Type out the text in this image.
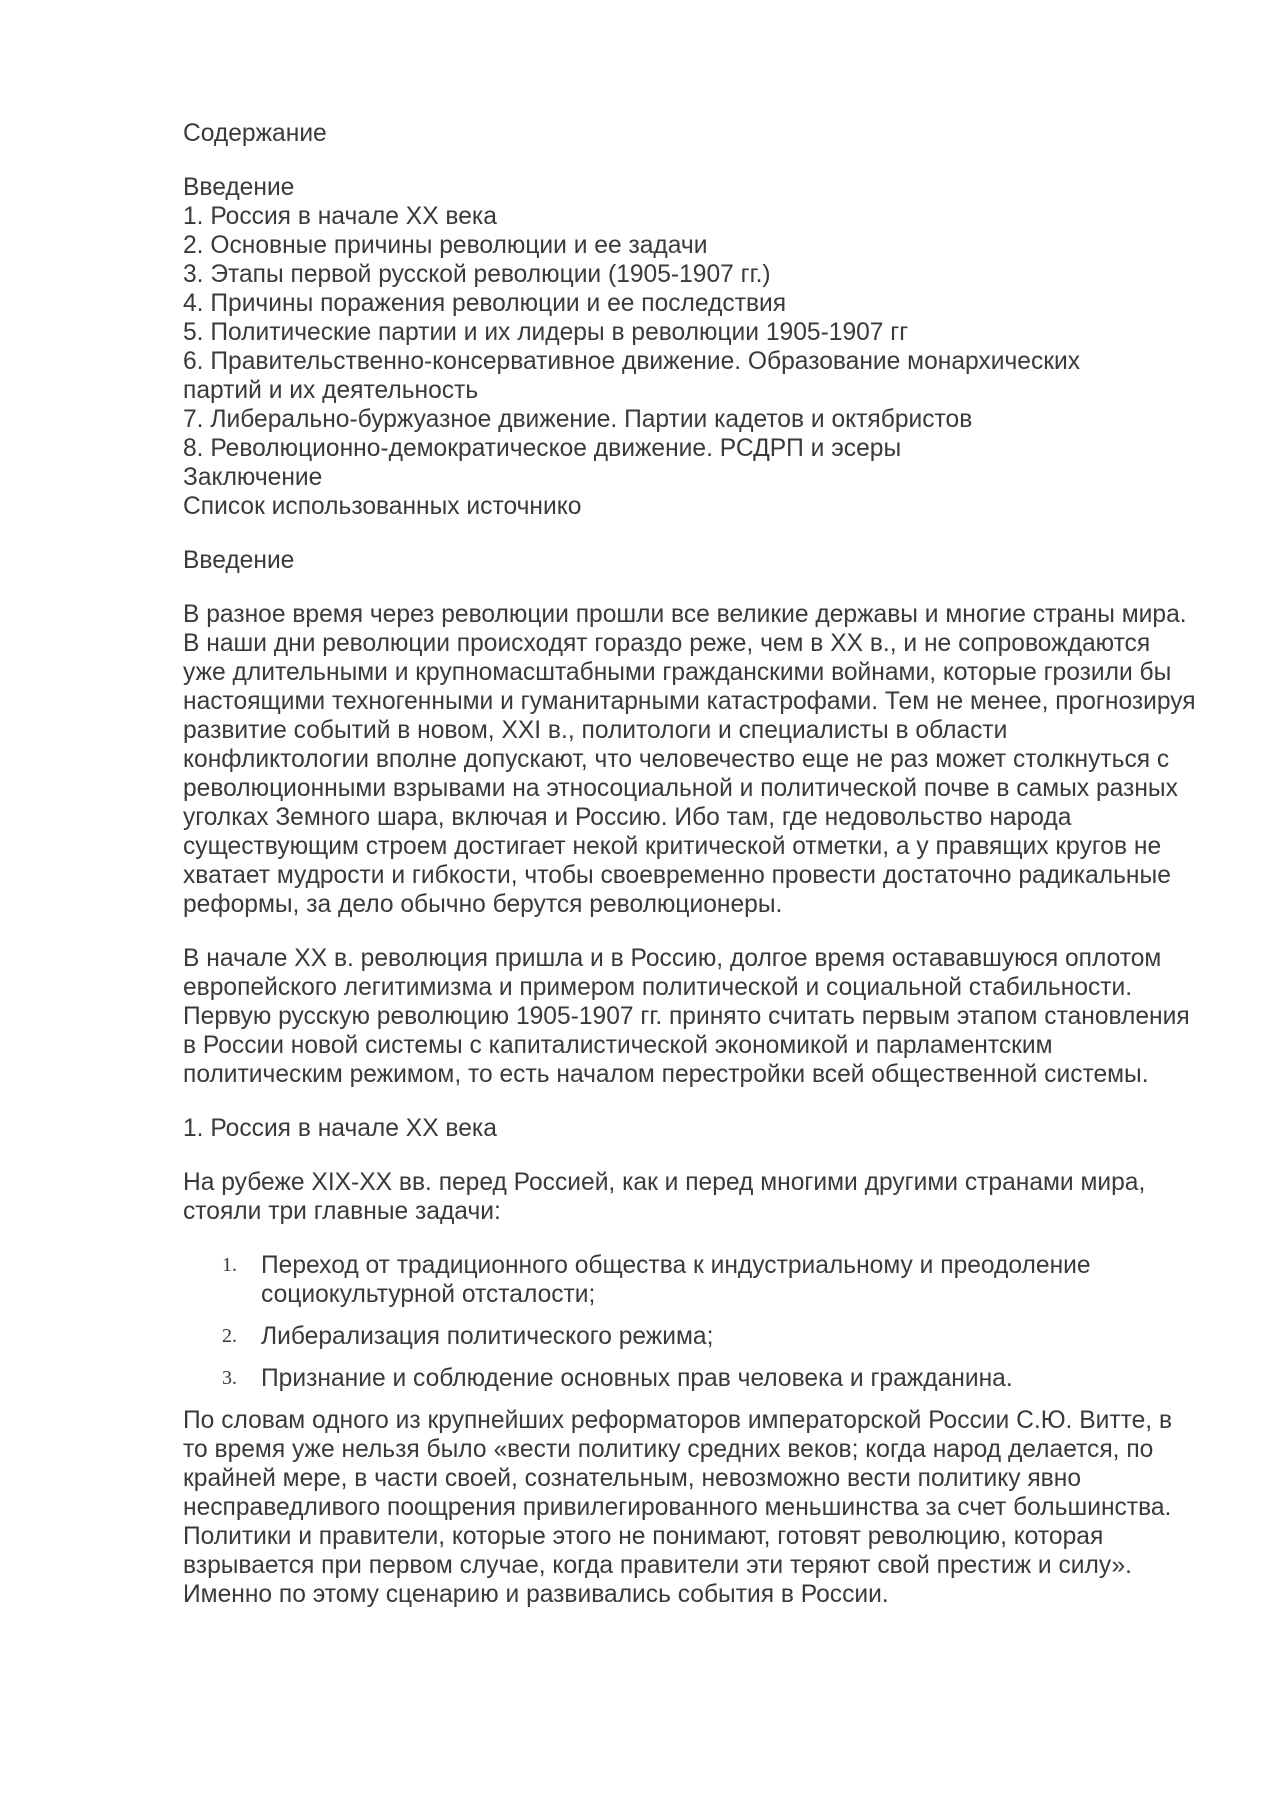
Содержание
Введение
1. Россия в начале XX века
2. Основные причины революции и ее задачи
3. Этапы первой русской революции (1905-1907 гг.)
4. Причины поражения революции и ее последствия
5. Политические партии и их лидеры в революции 1905-1907 гг
6. Правительственно-консервативное движение. Образование монархических
партий и их деятельность
7. Либерально-буржуазное движение. Партии кадетов и октябристов
8. Революционно-демократическое движение. РСДРП и эсеры
Заключение
Список использованных источнико
Введение

В разное время через революции прошли все великие державы и многие страны мира. В наши дни революции происходят гораздо реже, чем в XX в., и не сопровождаются уже длительными и крупномасштабными гражданскими войнами, которые грозили бы настоящими техногенными и гуманитарными катастрофами. Тем не менее, прогнозируя развитие событий в новом, XXI в., политологи и специалисты в области конфликтологии вполне допускают, что человечество еще не раз может столкнуться с революционными взрывами на этносоциальной и политической почве в самых разных уголках Земного шара, включая и Россию. Ибо там, где недовольство народа существующим строем достигает некой критической отметки, а у правящих кругов не хватает мудрости и гибкости, чтобы своевременно провести достаточно радикальные реформы, за дело обычно берутся революционеры.

В начале XX в. революция пришла и в Россию, долгое время остававшуюся оплотом европейского легитимизма и примером политической и социальной стабильности. Первую русскую революцию 1905-1907 гг. принято считать первым этапом становления в России новой системы с капиталистической экономикой и парламентским политическим режимом, то есть началом перестройки всей общественной системы.

1. Россия в начале XX века

На рубеже XIX-XX вв. перед Россией, как и перед многими другими странами мира, стояли три главные задачи:

1. Переход от традиционного общества к индустриальному и преодоление социокультурной отсталости;
2. Либерализация политического режима;
3. Признание и соблюдение основных прав человека и гражданина.

По словам одного из крупнейших реформаторов императорской России С.Ю. Витте, в то время уже нельзя было «вести политику средних веков; когда народ делается, по крайней мере, в части своей, сознательным, невозможно вести политику явно несправедливого поощрения привилегированного меньшинства за счет большинства. Политики и правители, которые этого не понимают, готовят революцию, которая взрывается при первом случае, когда правители эти теряют свой престиж и силу». Именно по этому сценарию и развивались события в России.
